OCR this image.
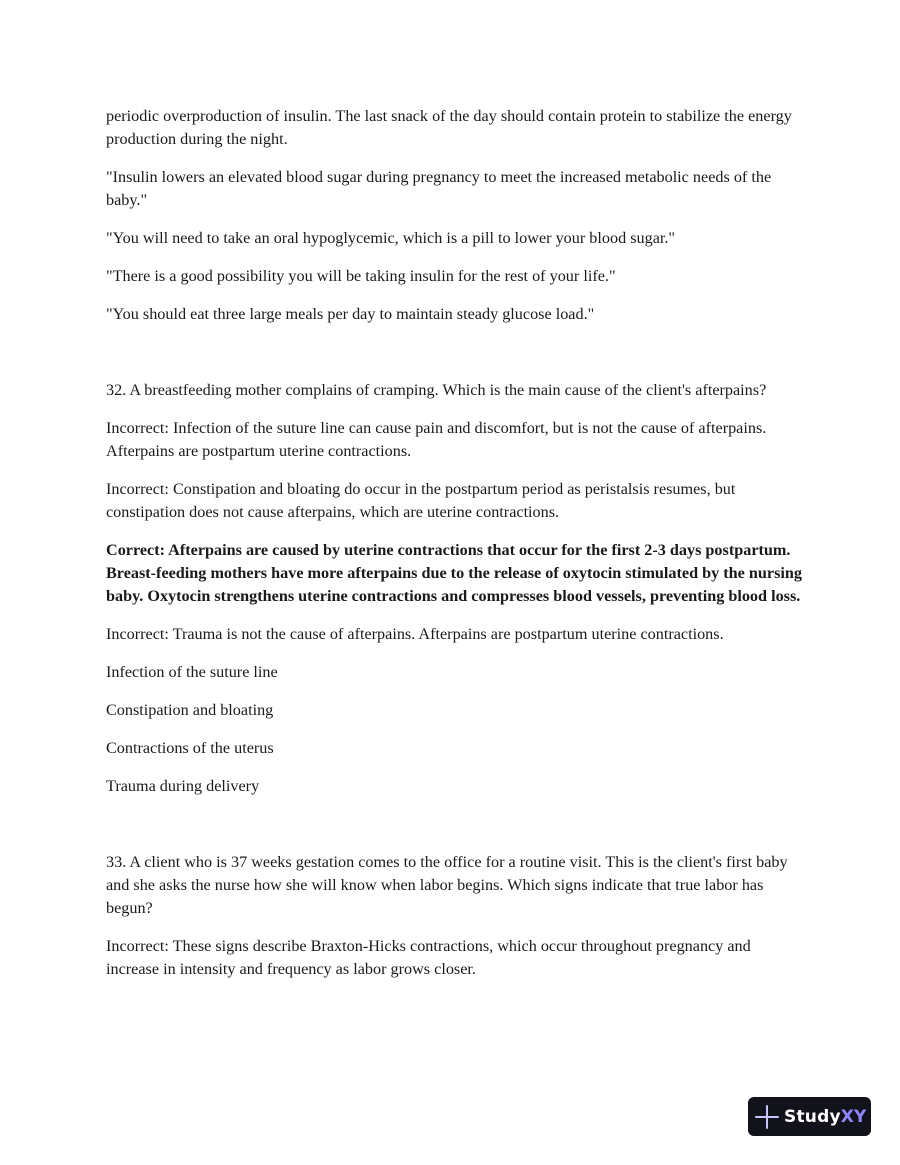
periodic overproduction of insulin. The last snack of the day should contain protein to stabilize the energy production during the night.

"Insulin lowers an elevated blood sugar during pregnancy to meet the increased metabolic needs of the baby."

"You will need to take an oral hypoglycemic, which is a pill to lower your blood sugar."

"There is a good possibility you will be taking insulin for the rest of your life."

"You should eat three large meals per day to maintain steady glucose load."

32. A breastfeeding mother complains of cramping. Which is the main cause of the client's afterpains?

Incorrect: Infection of the suture line can cause pain and discomfort, but is not the cause of afterpains. Afterpains are postpartum uterine contractions.

Incorrect: Constipation and bloating do occur in the postpartum period as peristalsis resumes, but constipation does not cause afterpains, which are uterine contractions.

Correct: Afterpains are caused by uterine contractions that occur for the first 2-3 days postpartum. Breast-feeding mothers have more afterpains due to the release of oxytocin stimulated by the nursing baby. Oxytocin strengthens uterine contractions and compresses blood vessels, preventing blood loss.

Incorrect: Trauma is not the cause of afterpains. Afterpains are postpartum uterine contractions.

Infection of the suture line

Constipation and bloating

Contractions of the uterus

Trauma during delivery

33. A client who is 37 weeks gestation comes to the office for a routine visit. This is the client's first baby and she asks the nurse how she will know when labor begins. Which signs indicate that true labor has begun?

Incorrect: These signs describe Braxton-Hicks contractions, which occur throughout pregnancy and increase in intensity and frequency as labor grows closer.

StudyXY
